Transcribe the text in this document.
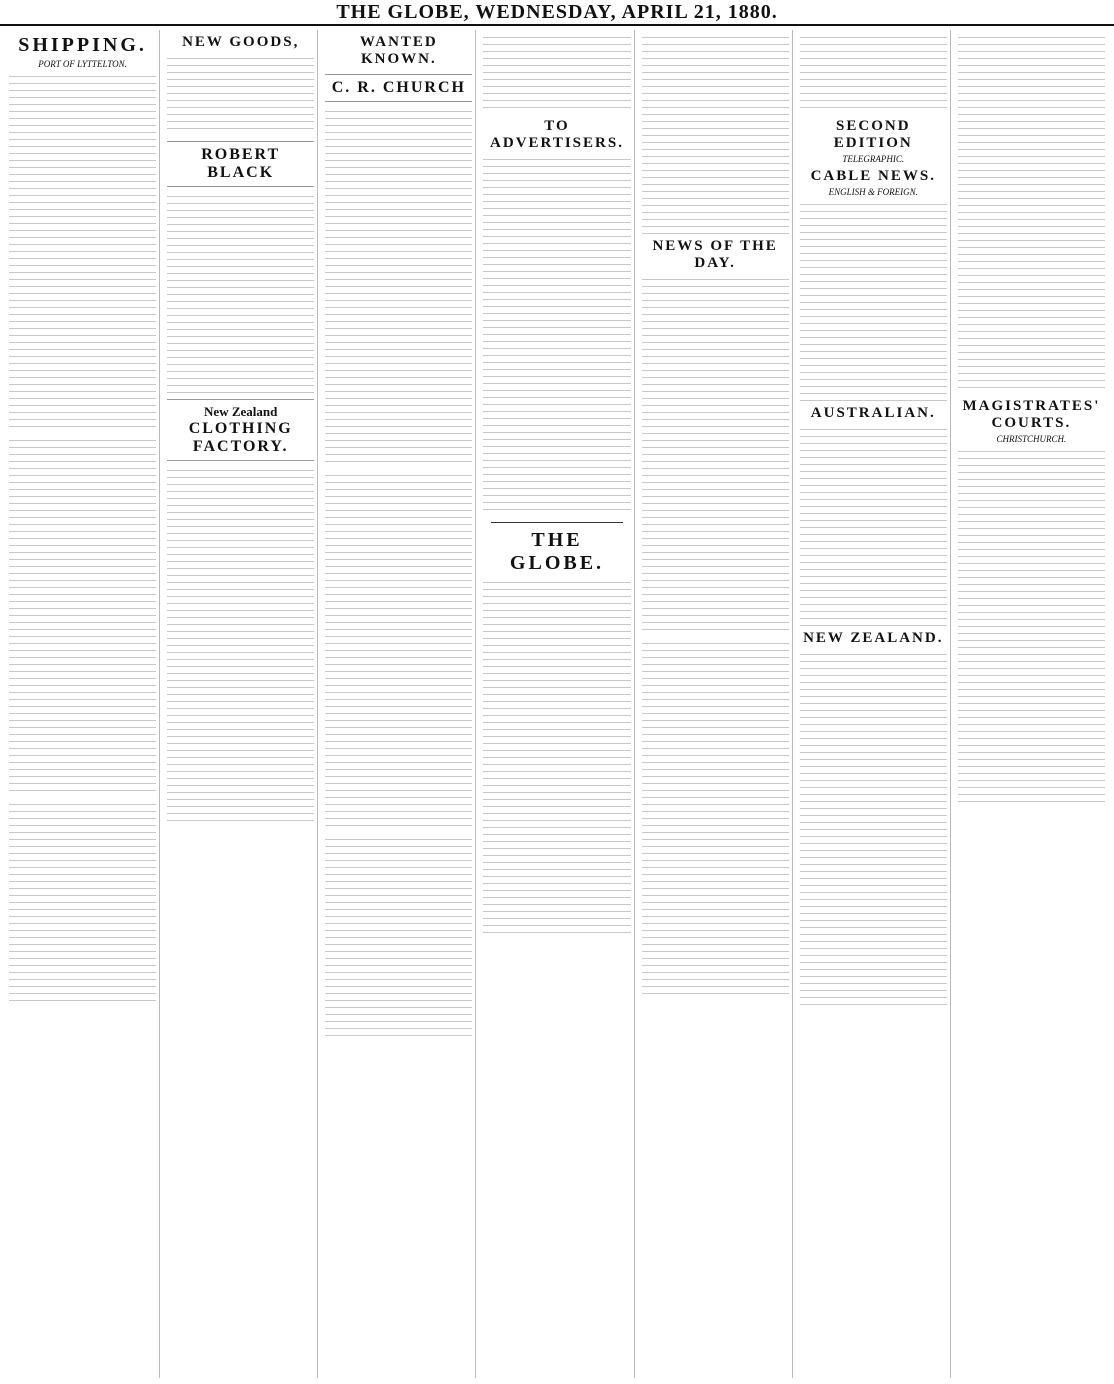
THE GLOBE, WEDNESDAY, APRIL 21, 1880.
SHIPPING.
PORT OF LYTTELTON.
NEW GOODS,
ROBERT BLACK
New Zealand
CLOTHING FACTORY.
WANTED KNOWN.
C. R. CHURCH
TO ADVERTISERS.
THE GLOBE.
NEWS OF THE DAY.
SECOND EDITION
TELEGRAPHIC.
CABLE NEWS.
ENGLISH & FOREIGN.
AUSTRALIAN.
NEW ZEALAND.
MAGISTRATES' COURTS.
CHRISTCHURCH.
